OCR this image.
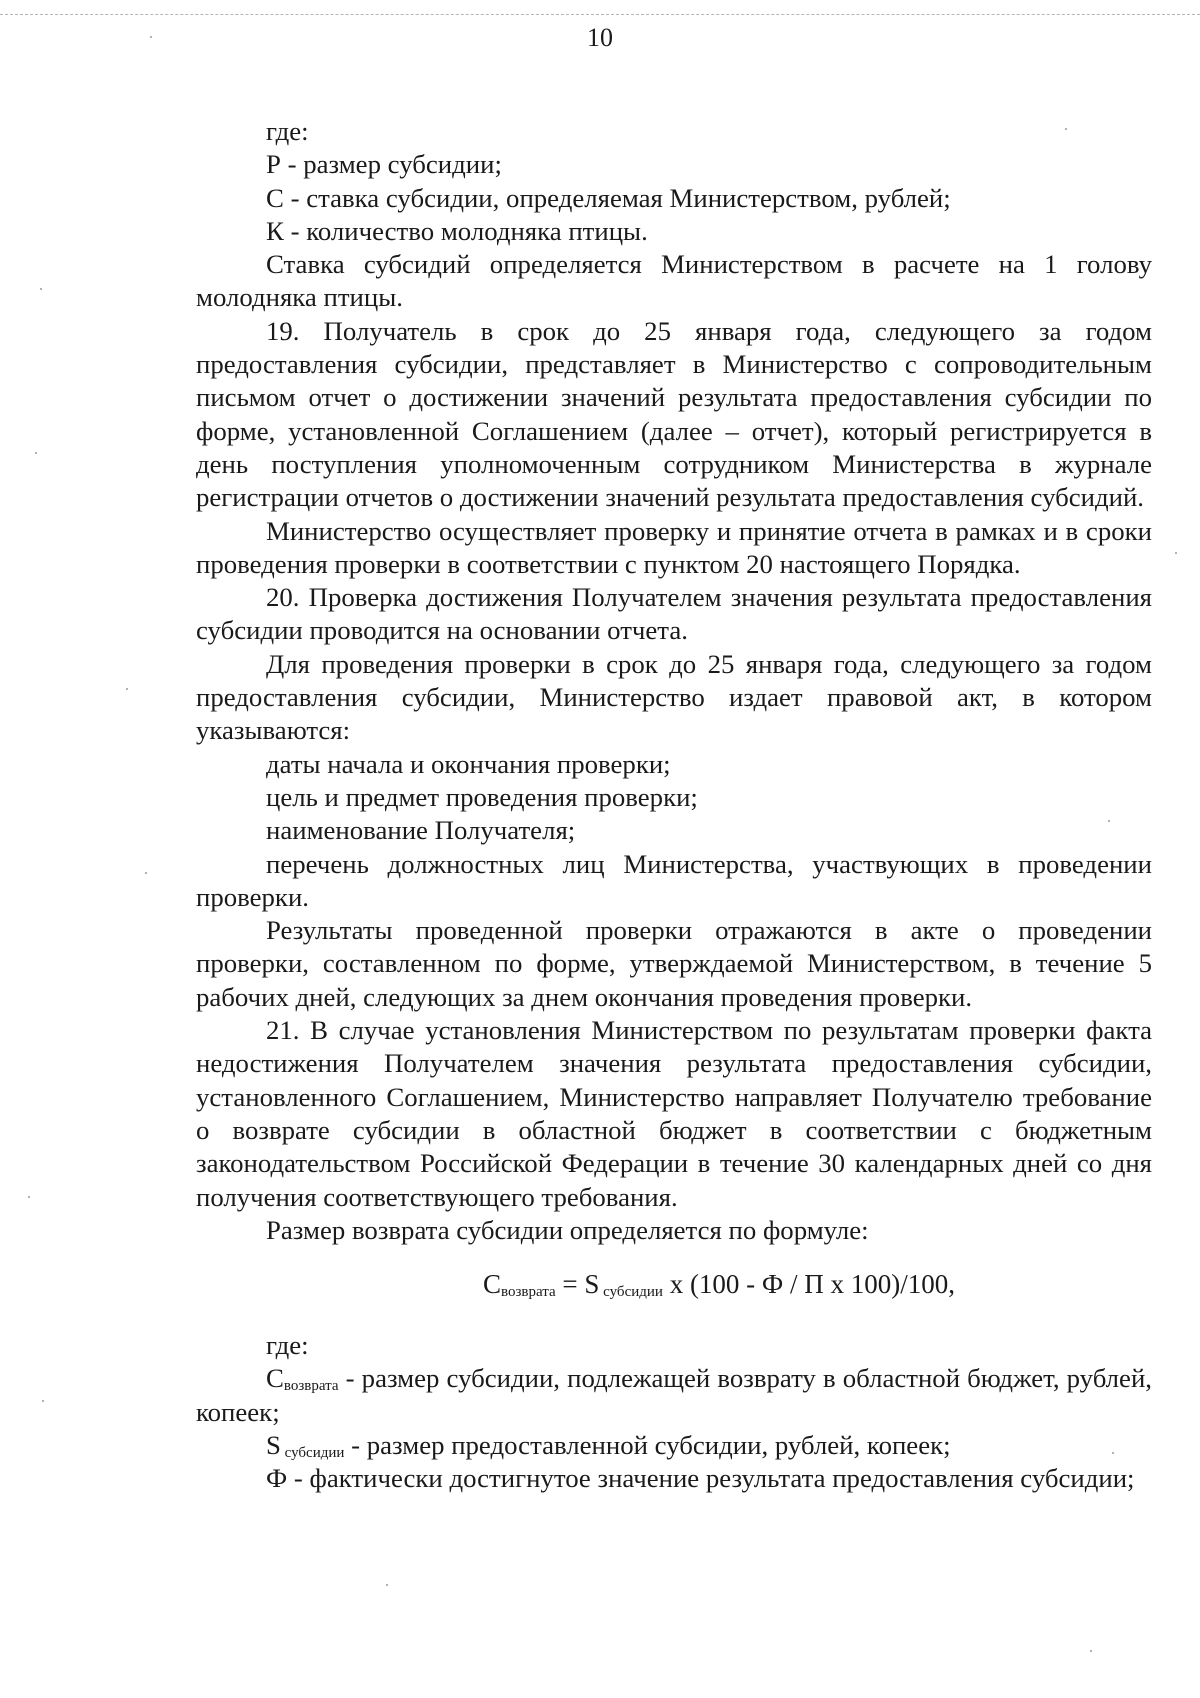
10

где:

Р - размер субсидии;

С - ставка субсидии, определяемая Министерством, рублей;

К - количество молодняка птицы.

Ставка субсидий определяется Министерством в расчете на 1 голову молодняка птицы.

19. Получатель в срок до 25 января года, следующего за годом предоставления субсидии, представляет в Министерство с сопроводительным письмом отчет о достижении значений результата предоставления субсидии по форме, установленной Соглашением (далее – отчет), который регистрируется в день поступления уполномоченным сотрудником Министерства в журнале регистрации отчетов о достижении значений результата предоставления субсидий.

Министерство осуществляет проверку и принятие отчета в рамках и в сроки проведения проверки в соответствии с пунктом 20 настоящего Порядка.

20. Проверка достижения Получателем значения результата предоставления субсидии проводится на основании отчета.

Для проведения проверки в срок до 25 января года, следующего за годом предоставления субсидии, Министерство издает правовой акт, в котором указываются:

даты начала и окончания проверки;

цель и предмет проведения проверки;

наименование Получателя;

перечень должностных лиц Министерства, участвующих в проведении проверки.

Результаты проведенной проверки отражаются в акте о проведении проверки, составленном по форме, утверждаемой Министерством, в течение 5 рабочих дней, следующих за днем окончания проведения проверки.

21. В случае установления Министерством по результатам проверки факта недостижения Получателем значения результата предоставления субсидии, установленного Соглашением, Министерство направляет Получателю требование о возврате субсидии в областной бюджет в соответствии с бюджетным законодательством Российской Федерации в течение 30 календарных дней со дня получения соответствующего требования.

Размер возврата субсидии определяется по формуле:

$С_{возврата} = S$ $_{субсидии}$ х (100 - Ф / П х 100)/100,

где:

$С_{возврата}$ - размер субсидии, подлежащей возврату в областной бюджет, рублей, копеек;

S $_{субсидии}$ - размер предоставленной субсидии, рублей, копеек;

Ф - фактически достигнутое значение результата предоставления субсидии;
